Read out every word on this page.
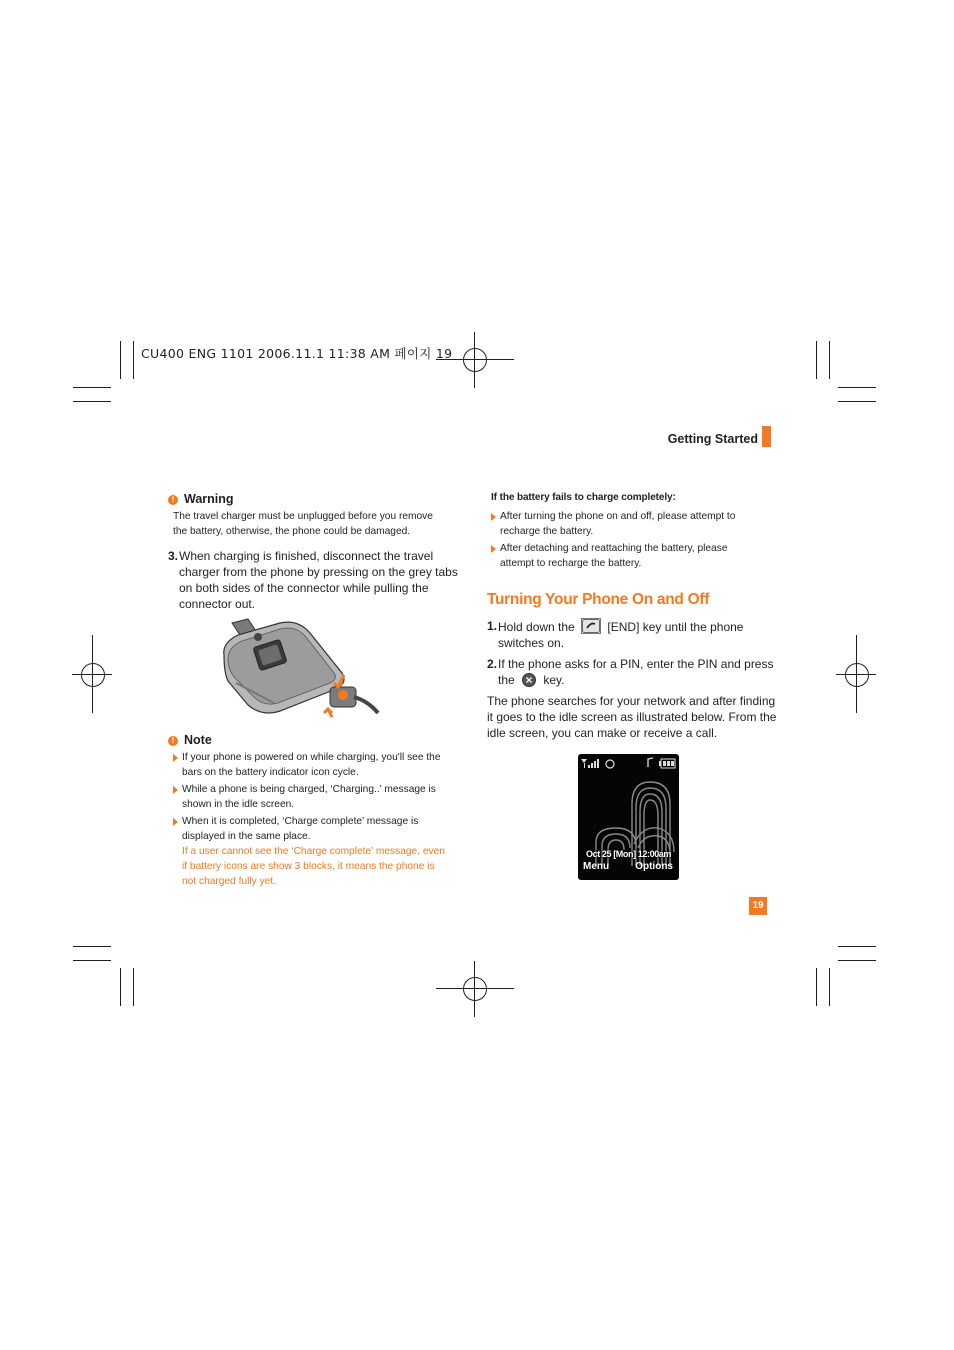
CU400 ENG 1101 2006.11.1 11:38 AM 페이지 19
Getting Started
! Warning
The travel charger must be unplugged before you remove
the battery, otherwise, the phone could be damaged.
3. When charging is finished, disconnect the travel
charger from the phone by pressing on the grey tabs
on both sides of the connector while pulling the
connector out.
! Note
If your phone is powered on while charging, you'll see the
bars on the battery indicator icon cycle.
While a phone is being charged, ‘Charging..’ message is
shown in the idle screen.
When it is completed, ‘Charge complete’ message is
displayed in the same place.
If a user cannot see the ‘Charge complete’ message, even
if battery icons are show 3 blocks, it means the phone is
not charged fully yet.
If the battery fails to charge completely:
After turning the phone on and off, please attempt to
recharge the battery.
After detaching and reattaching the battery, please
attempt to recharge the battery.
Turning Your Phone On and Off
1. Hold down the	[END] key until the phone
switches on.
2. If the phone asks for a PIN, enter the PIN and press
the key.
The phone searches for your network and after finding
it goes to the idle screen as illustrated below. From the
idle screen, you can make or receive a call.
Oct 25 [Mon] 12:00am
Menu	Options
19
